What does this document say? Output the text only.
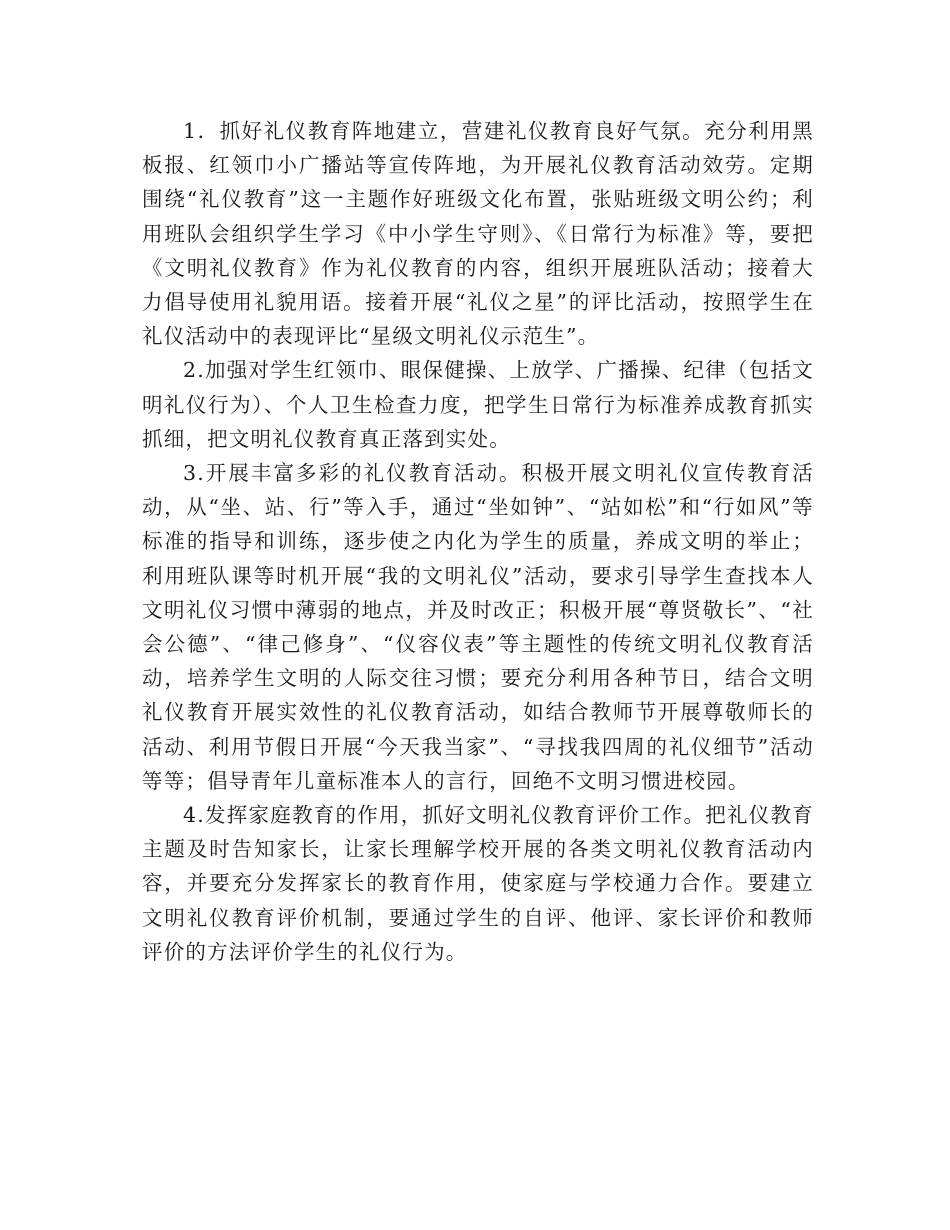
1．抓好礼仪教育阵地建立，营建礼仪教育良好气氛。充分利用黑板报、红领巾小广播站等宣传阵地，为开展礼仪教育活动效劳。定期围绕“礼仪教育”这一主题作好班级文化布置，张贴班级文明公约；利用班队会组织学生学习《中小学生守则》、《日常行为标准》等，要把《文明礼仪教育》作为礼仪教育的内容，组织开展班队活动；接着大力倡导使用礼貌用语。接着开展“礼仪之星”的评比活动，按照学生在礼仪活动中的表现评比“星级文明礼仪示范生”。

2.加强对学生红领巾、眼保健操、上放学、广播操、纪律（包括文明礼仪行为）、个人卫生检查力度，把学生日常行为标准养成教育抓实抓细，把文明礼仪教育真正落到实处。

3.开展丰富多彩的礼仪教育活动。积极开展文明礼仪宣传教育活动，从“坐、站、行”等入手，通过“坐如钟”、“站如松”和“行如风”等标准的指导和训练，逐步使之内化为学生的质量，养成文明的举止；利用班队课等时机开展“我的文明礼仪”活动，要求引导学生查找本人文明礼仪习惯中薄弱的地点，并及时改正；积极开展“尊贤敬长”、“社会公德”、“律己修身”、“仪容仪表”等主题性的传统文明礼仪教育活动，培养学生文明的人际交往习惯；要充分利用各种节日，结合文明礼仪教育开展实效性的礼仪教育活动，如结合教师节开展尊敬师长的活动、利用节假日开展“今天我当家”、“寻找我四周的礼仪细节”活动等等；倡导青年儿童标准本人的言行，回绝不文明习惯进校园。

4.发挥家庭教育的作用，抓好文明礼仪教育评价工作。把礼仪教育主题及时告知家长，让家长理解学校开展的各类文明礼仪教育活动内容，并要充分发挥家长的教育作用，使家庭与学校通力合作。要建立文明礼仪教育评价机制，要通过学生的自评、他评、家长评价和教师评价的方法评价学生的礼仪行为。
